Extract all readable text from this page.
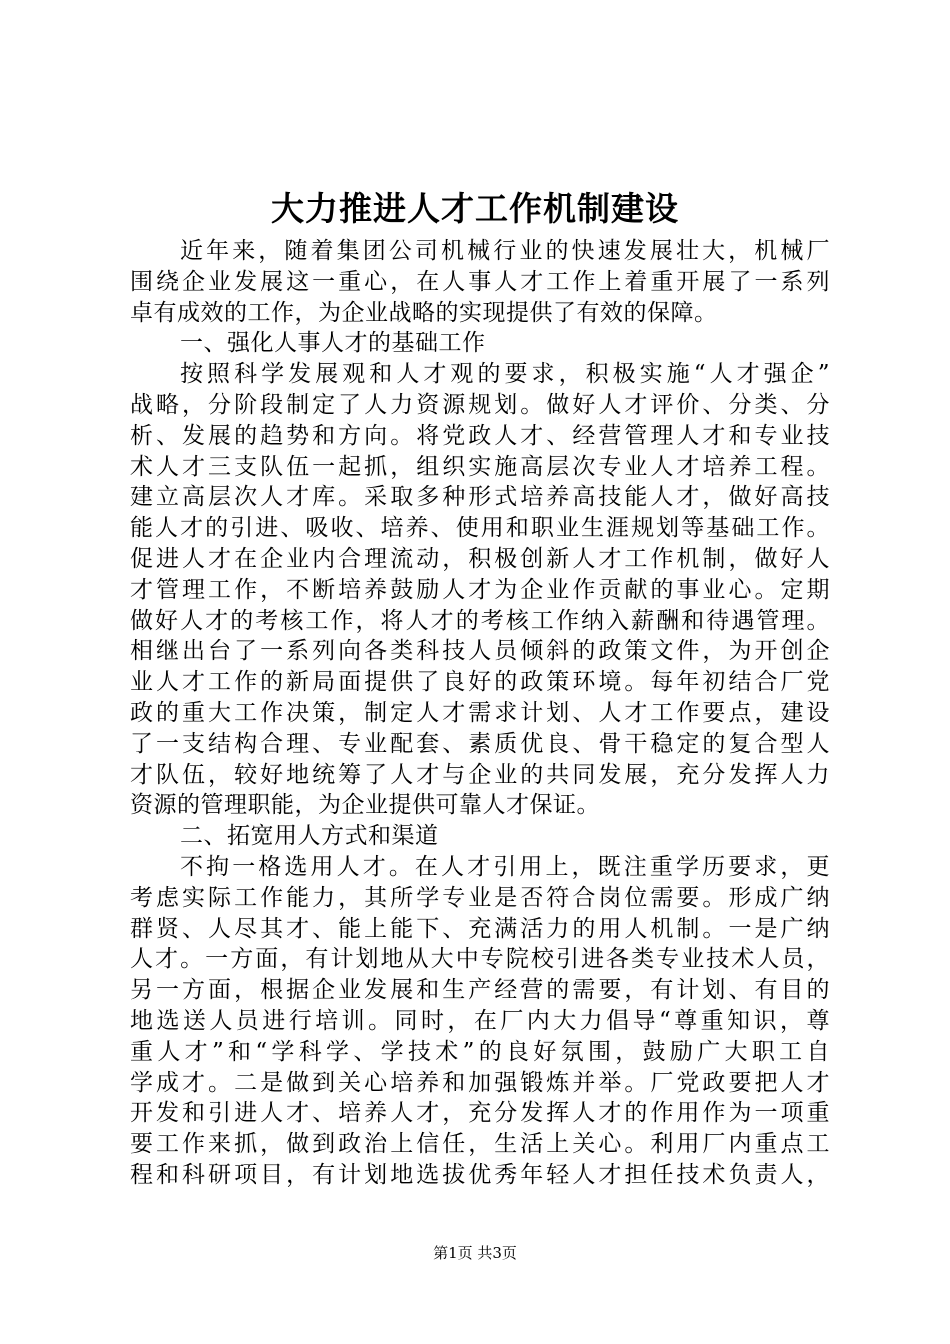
大力推进人才工作机制建设
近年来，随着集团公司机械行业的快速发展壮大，机械厂
围绕企业发展这一重心，在人事人才工作上着重开展了一系列
卓有成效的工作，为企业战略的实现提供了有效的保障。
一、强化人事人才的基础工作
按照科学发展观和人才观的要求，积极实施“人才强企”
战略，分阶段制定了人力资源规划。做好人才评价、分类、分
析、发展的趋势和方向。将党政人才、经营管理人才和专业技
术人才三支队伍一起抓，组织实施高层次专业人才培养工程。
建立高层次人才库。采取多种形式培养高技能人才，做好高技
能人才的引进、吸收、培养、使用和职业生涯规划等基础工作。
促进人才在企业内合理流动，积极创新人才工作机制，做好人
才管理工作，不断培养鼓励人才为企业作贡献的事业心。定期
做好人才的考核工作，将人才的考核工作纳入薪酬和待遇管理。
相继出台了一系列向各类科技人员倾斜的政策文件，为开创企
业人才工作的新局面提供了良好的政策环境。每年初结合厂党
政的重大工作决策，制定人才需求计划、人才工作要点，建设
了一支结构合理、专业配套、素质优良、骨干稳定的复合型人
才队伍，较好地统筹了人才与企业的共同发展，充分发挥人力
资源的管理职能，为企业提供可靠人才保证。
二、拓宽用人方式和渠道
不拘一格选用人才。在人才引用上，既注重学历要求，更
考虑实际工作能力，其所学专业是否符合岗位需要。形成广纳
群贤、人尽其才、能上能下、充满活力的用人机制。一是广纳
人才。一方面，有计划地从大中专院校引进各类专业技术人员，
另一方面，根据企业发展和生产经营的需要，有计划、有目的
地选送人员进行培训。同时，在厂内大力倡导“尊重知识，尊
重人才”和“学科学、学技术”的良好氛围，鼓励广大职工自
学成才。二是做到关心培养和加强锻炼并举。厂党政要把人才
开发和引进人才、培养人才，充分发挥人才的作用作为一项重
要工作来抓，做到政治上信任，生活上关心。利用厂内重点工
程和科研项目，有计划地选拔优秀年轻人才担任技术负责人，
第1页 共3页
